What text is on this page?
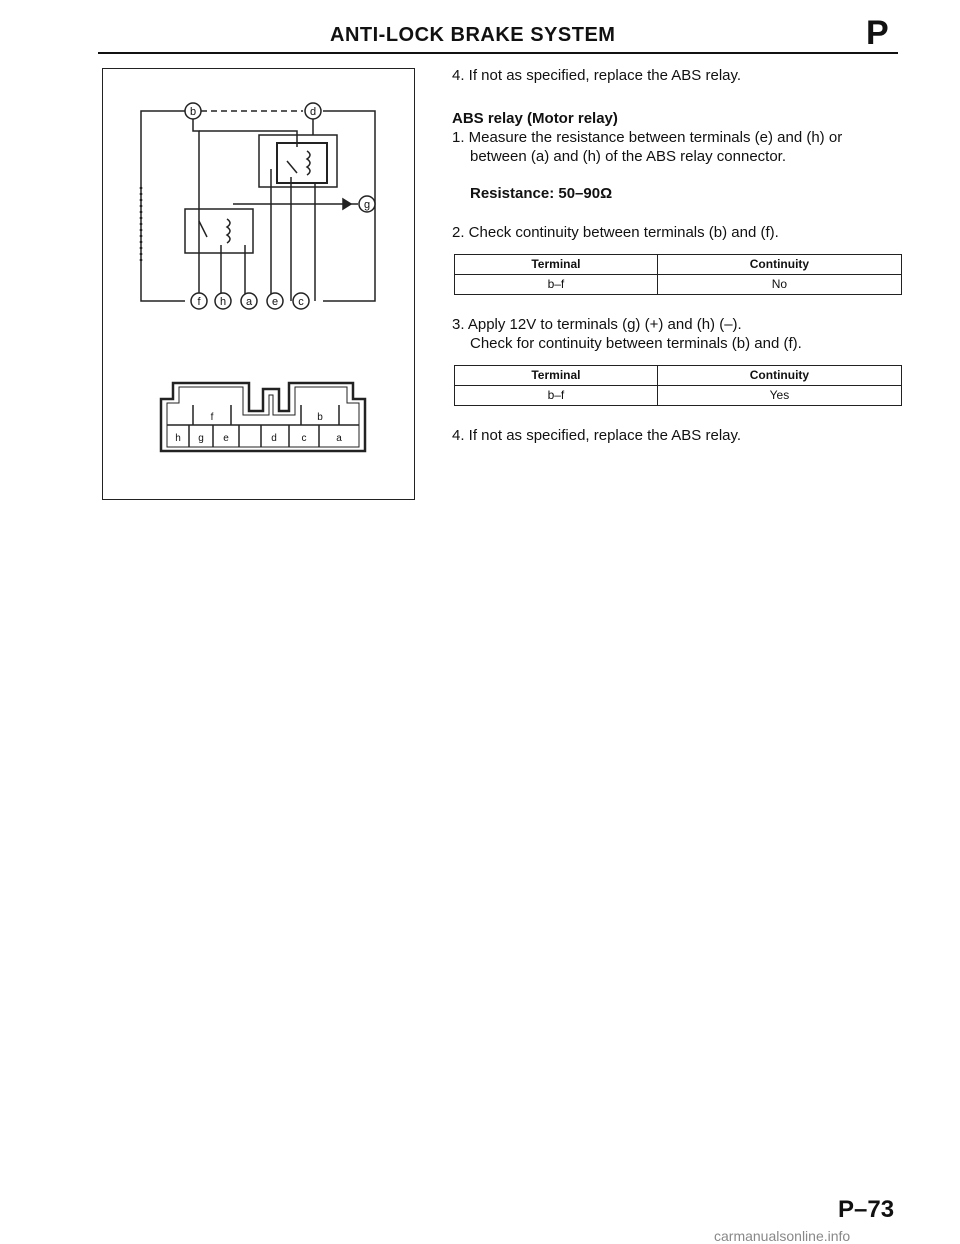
ANTI-LOCK BRAKE SYSTEM	P
b	d
g
f h a e c
f	b
h g e	d c	a

4. If not as specified, replace the ABS relay.

ABS relay (Motor relay)

1. Measure the resistance between terminals (e) and (h) or

between (a) and (h) of the ABS relay connector.

Resistance: 50–90Ω

2. Check continuity between terminals (b) and (f).

Terminal	Continuity
b–f	No

3. Apply 12V to terminals (g) (+) and (h) (–).

Check for continuity between terminals (b) and (f).

Terminal	Continuity
b–f	Yes

4. If not as specified, replace the ABS relay.

P–73
carmanualsonline.info
